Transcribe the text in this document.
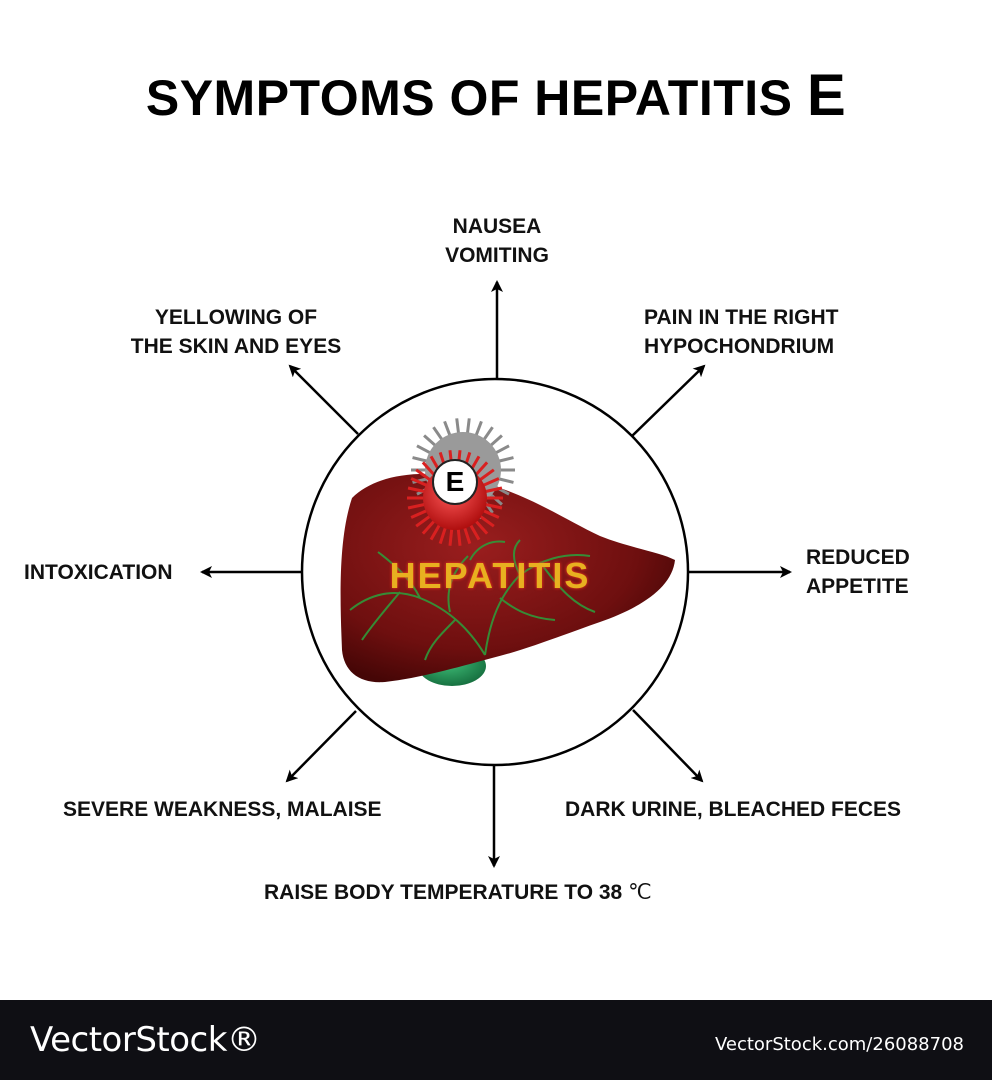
SYMPTOMS OF HEPATITIS E
HEPATITIS
E
NAUSEA
VOMITING
YELLOWING OF
THE SKIN AND EYES
PAIN IN THE RIGHT
HYPOCHONDRIUM
INTOXICATION
REDUCED
APPETITE
SEVERE WEAKNESS, MALAISE	DARK URINE, BLEACHED FECES
RAISE BODY TEMPERATURE TO 38 ℃
VectorStock®	VectorStock.com/26088708
